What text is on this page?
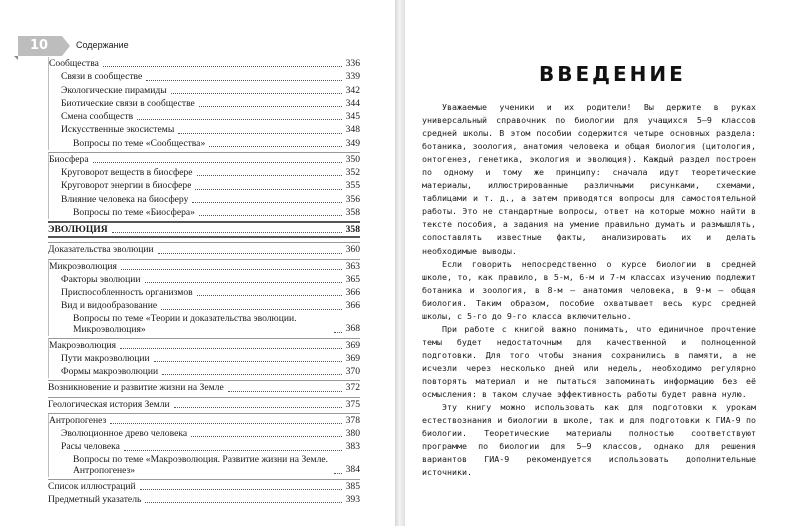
10	Содержание
Сообщества	336
Связи в сообществе	339
Экологические пирамиды	342
Биотические связи в сообществе	344
Смена сообществ	345
Искусственные экосистемы	348
Вопросы по теме «Сообщества»	349
Биосфера	350
Круговорот веществ в биосфере	352
Круговорот энергии в биосфере	355
Влияние человека на биосферу	356
Вопросы по теме «Биосфера»	358
ЭВОЛЮЦИЯ	358
Доказательства эволюции	360
Микроэволюция	363
Факторы эволюции	365
Приспособленность организмов	366
Вид и видообразование	366
Вопросы по теме «Теории и доказательства эволюции. Микроэволюция»	368
Макроэволюция	369
Пути макроэволюции	369
Формы макроэволюции	370
Возникновение и развитие жизни на Земле	372
Геологическая история Земли	375
Антропогенез	378
Эволюционное древо человека	380
Расы человека	383
Вопросы по теме «Макроэволюция. Развитие жизни на Земле. Антропогенез»	384
Список иллюстраций	385
Предметный указатель	393
ВВЕДЕНИЕ

Уважаемые ученики и их родители! Вы держите в руках универсальный справочник по биологии для учащихся 5–9 классов средней школы. В этом пособии содержится четыре основных раздела: ботаника, зоология, анатомия человека и общая биология (цитология, онтогенез, генетика, экология и эволюция). Каждый раздел построен по одному и тому же принципу: сначала идут теоретические материалы, иллюстрированные различными рисунками, схемами, таблицами и т. д., а затем приводятся вопросы для самостоятельной работы. Это не стандартные вопросы, ответ на которые можно найти в тексте пособия, а задания на умение правильно думать и размышлять, сопоставлять известные факты, анализировать их и делать необходимые выводы.

Если говорить непосредственно о курсе биологии в средней школе, то, как правило, в 5-м, 6-м и 7-м классах изучению подлежит ботаника и зоология, в 8-м — анатомия человека, в 9-м — общая биология. Таким образом, пособие охватывает весь курс средней школы, с 5-го до 9-го класса включительно.

При работе с книгой важно понимать, что единичное прочтение темы будет недостаточным для качественной и полноценной подготовки. Для того чтобы знания сохранились в памяти, а не исчезли через несколько дней или недель, необходимо регулярно повторять материал и не пытаться запоминать информацию без её осмысления: в таком случае эффективность работы будет равна нулю.

Эту книгу можно использовать как для подготовки к урокам естествознания и биологии в школе, так и для подготовки к ГИА-9 по биологии. Теоретические материалы полностью соответствуют программе по биологии для 5–9 классов, однако для решения вариантов ГИА-9 рекомендуется использовать дополнительные источники.
